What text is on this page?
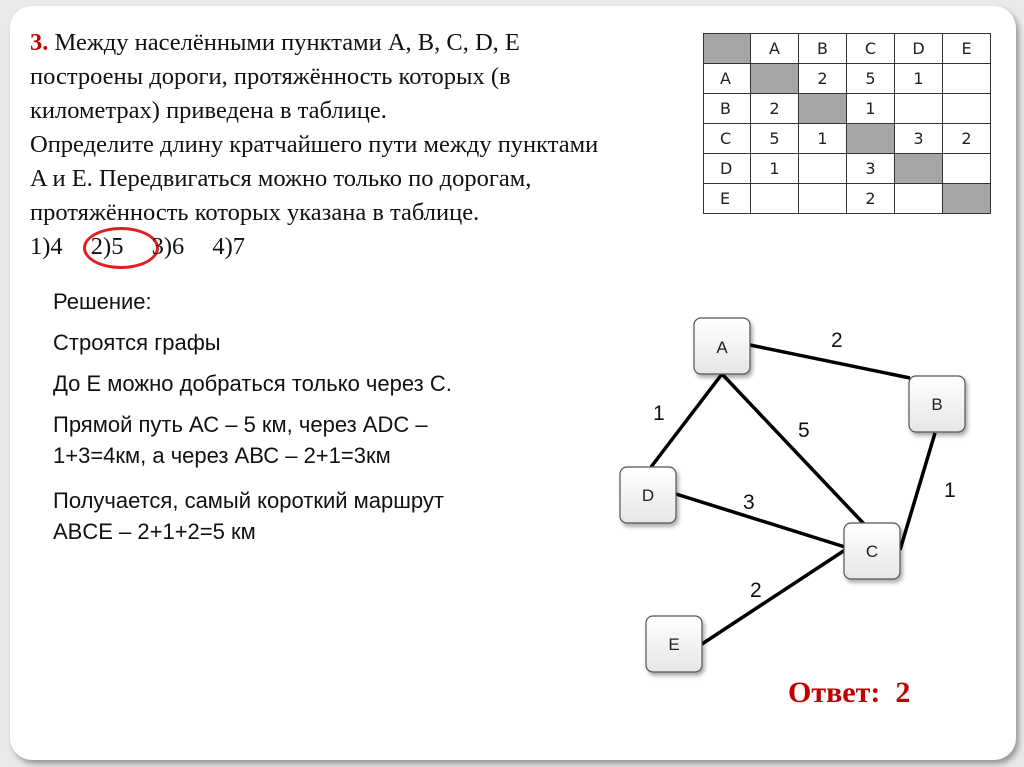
3. Между населёнными пунктами A, B, C, D, E

построены дороги, протяжённость которых (в

километрах) приведена в таблице.

Определите длину кратчайшего пути между пунктами

A и E. Передвигаться можно только по дорогам,

протяжённость которых указана в таблице.

1)4 2)5 3)6 4)7

	A	B	C	D	E
A		2	5	1	
B	2		1		
C	5	1		3	2
D	1		3		
E			2		

Решение:

Строятся графы

До Е можно добраться только через С.

Прямой путь АС – 5 км, через ADC –
1+3=4км, а через АВС – 2+1=3км

Получается, самый короткий маршрут
ABCE – 2+1+2=5 км

2
1
5
1
3
2
A
B
D
C
E
Ответ:  2
